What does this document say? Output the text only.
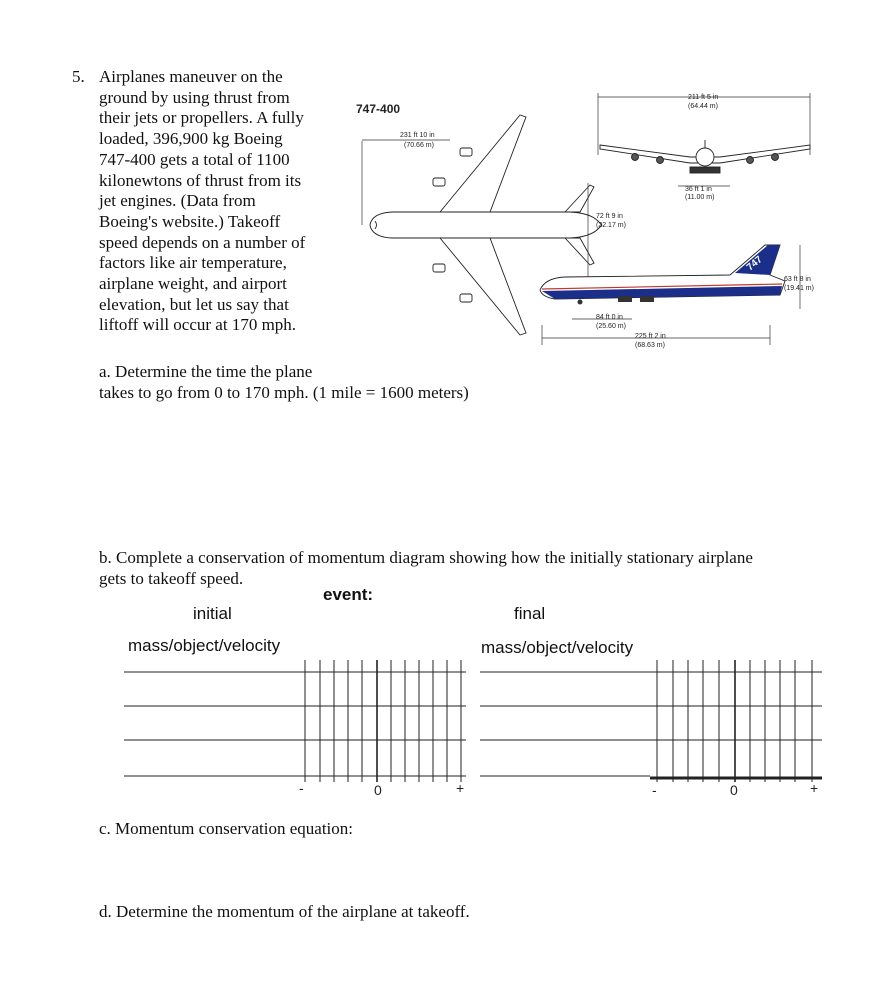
5. Airplanes maneuver on the
ground by using thrust from
their jets or propellers. A fully
loaded, 396,900 kg Boeing
747-400 gets a total of 1100
kilonewtons of thrust from its
jet engines. (Data from
Boeing's website.) Takeoff
speed depends on a number of
factors like air temperature,
airplane weight, and airport
elevation, but let us say that
liftoff will occur at 170 mph.
747-400
231 ft 10 in
(70.66 m)
211 ft 5 in
(64.44 m)
36 ft 1 in
(11.00 m)
72 ft 9 in
(22.17 m)
747
63 ft 8 in
(19.41 m)
84 ft 0 in
(25.60 m)
225 ft 2 in
(68.63 m)
a. Determine the time the plane
takes to go from 0 to 170 mph. (1 mile = 1600 meters)
b. Complete a conservation of momentum diagram showing how the initially stationary airplane
gets to takeoff speed.
event:
initial	final
mass/object/velocity	mass/object/velocity
-	0	+	-	0	+
c. Momentum conservation equation:
d. Determine the momentum of the airplane at takeoff.
